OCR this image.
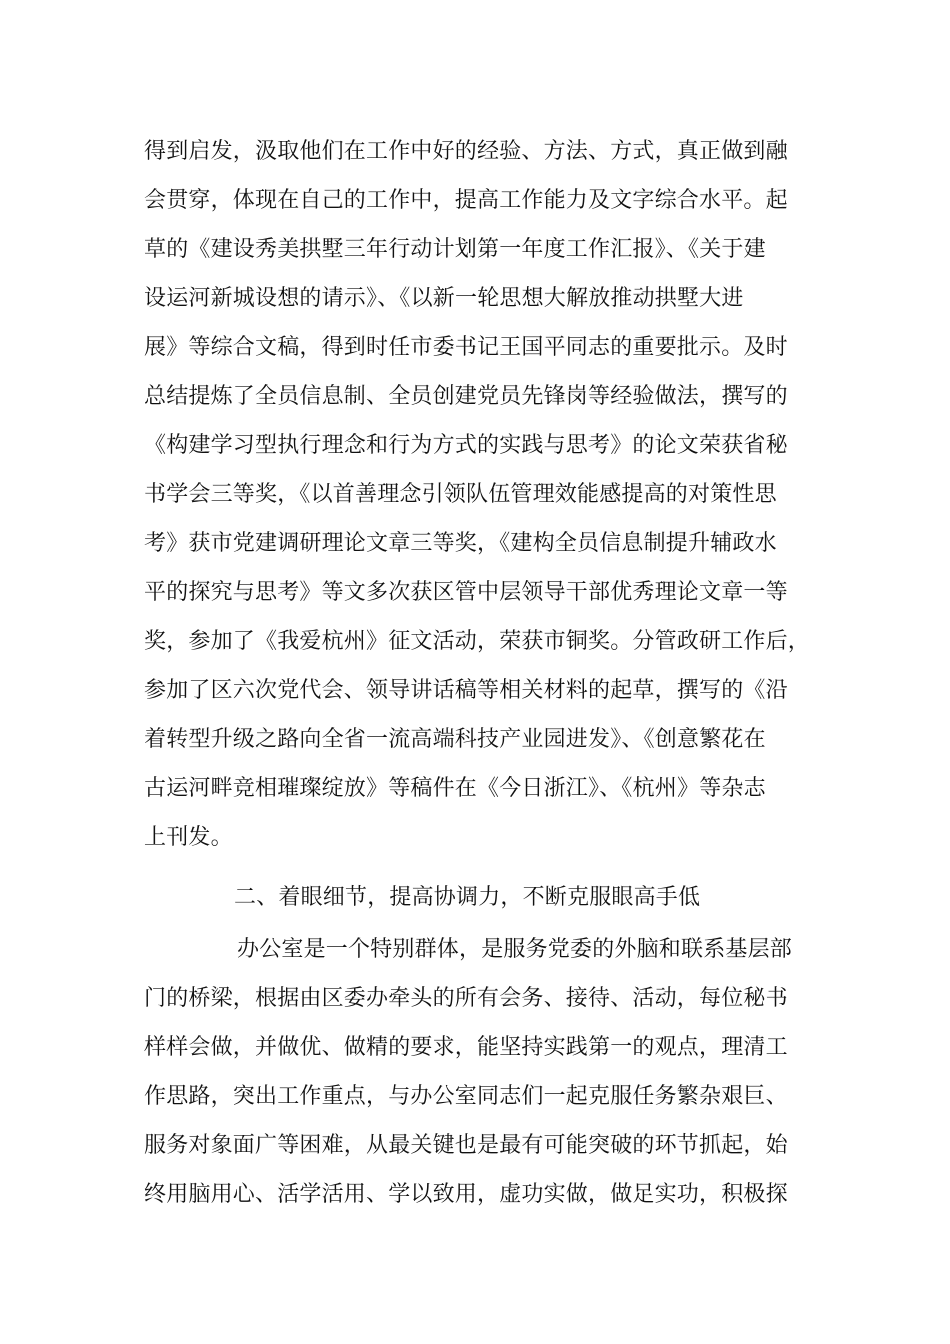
得到启发，汲取他们在工作中好的经验、方法、方式，真正做到融
会贯穿，体现在自己的工作中，提高工作能力及文字综合水平。起
草的《建设秀美拱墅三年行动计划第一年度工作汇报》、《关于建
设运河新城设想的请示》、《以新一轮思想大解放推动拱墅大进
展》等综合文稿，得到时任市委书记王国平同志的重要批示。及时
总结提炼了全员信息制、全员创建党员先锋岗等经验做法，撰写的
《构建学习型执行理念和行为方式的实践与思考》的论文荣获省秘
书学会三等奖，《以首善理念引领队伍管理效能感提高的对策性思
考》获市党建调研理论文章三等奖，《建构全员信息制提升辅政水
平的探究与思考》等文多次获区管中层领导干部优秀理论文章一等
奖，参加了《我爱杭州》征文活动，荣获市铜奖。分管政研工作后，
参加了区六次党代会、领导讲话稿等相关材料的起草，撰写的《沿
着转型升级之路向全省一流高端科技产业园进发》、《创意繁花在
古运河畔竞相璀璨绽放》等稿件在《今日浙江》、《杭州》等杂志
上刊发。
二、着眼细节，提高协调力，不断克服眼高手低
办公室是一个特别群体，是服务党委的外脑和联系基层部
门的桥梁，根据由区委办牵头的所有会务、接待、活动，每位秘书
样样会做，并做优、做精的要求，能坚持实践第一的观点，理清工
作思路，突出工作重点，与办公室同志们一起克服任务繁杂艰巨、
服务对象面广等困难，从最关键也是最有可能突破的环节抓起，始
终用脑用心、活学活用、学以致用，虚功实做，做足实功，积极探
